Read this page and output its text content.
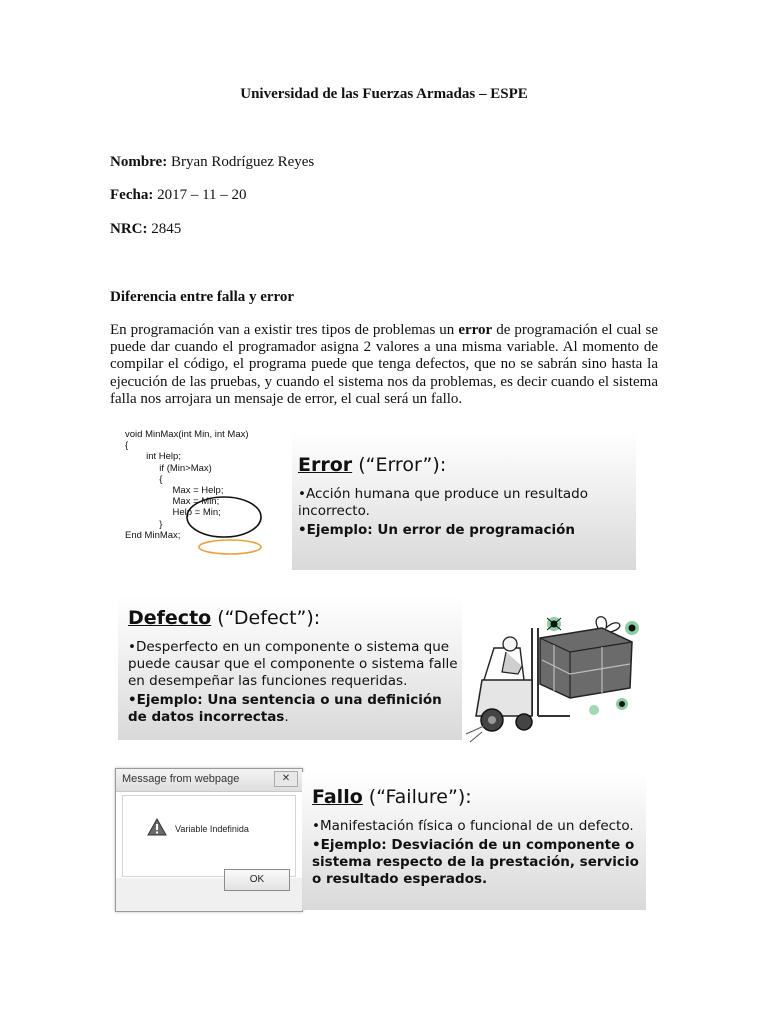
Universidad de las Fuerzas Armadas – ESPE
Nombre: Bryan Rodríguez Reyes
Fecha: 2017 – 11 – 20
NRC: 2845
Diferencia entre falla y error
En programación van a existir tres tipos de problemas un error de programación el cual se puede dar cuando el programador asigna 2 valores a una misma variable. Al momento de compilar el código, el programa puede que tenga defectos, que no se sabrán sino hasta la ejecución de las pruebas, y cuando el sistema nos da problemas, es decir cuando el sistema falla nos arrojara un mensaje de error, el cual será un fallo.
void MinMax(int Min, int Max)
{
int Help;
if (Min>Max)
{
Max = Help;
Max = Min;
Help = Min;
}
End MinMax;
Error (“Error”):

•Acción humana que produce un resultado incorrecto.

•Ejemplo: Un error de programación

Defecto (“Defect”):

•Desperfecto en un componente o sistema que puede causar que el componente o sistema falle en desempeñar las funciones requeridas.

•Ejemplo: Una sentencia o una definición de datos incorrectas.

Message from webpage	✕
Variable Indefinida
OK
Fallo (“Failure”):

•Manifestación física o funcional de un defecto.

•Ejemplo: Desviación de un componente o sistema respecto de la prestación, servicio o resultado esperados.
